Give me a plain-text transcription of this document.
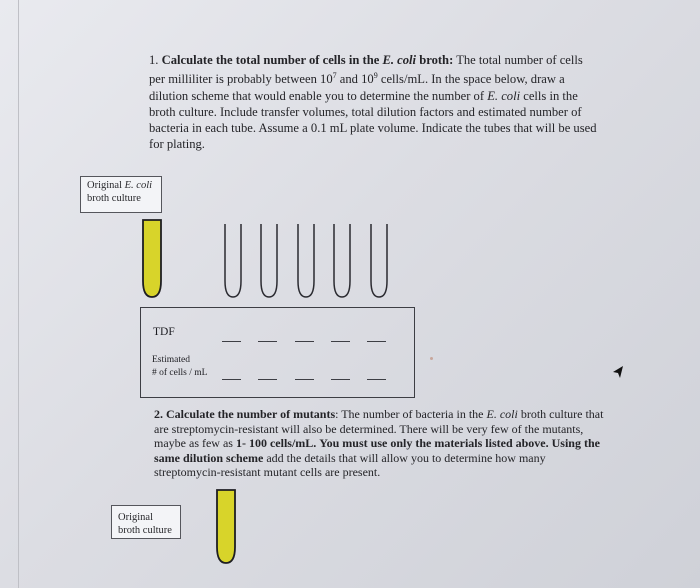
1. Calculate the total number of cells in the E. coli broth: The total number of cells per milliliter is probably between $10^7$ and $10^9$ cells/mL. In the space below, draw a dilution scheme that would enable you to determine the number of E. coli cells in the broth culture. Include transfer volumes, total dilution factors and estimated number of bacteria in each tube. Assume a 0.1 mL plate volume. Indicate the tubes that will be used for plating.
Original E. coli
broth culture
TDF
Estimated
# of cells / mL
2. Calculate the number of mutants: The number of bacteria in the E. coli broth culture that are streptomycin-resistant will also be determined. There will be very few of the mutants, maybe as few as 1- 100 cells/mL. You must use only the materials listed above. Using the same dilution scheme add the details that will allow you to determine how many streptomycin-resistant mutant cells are present.
Original
broth culture
